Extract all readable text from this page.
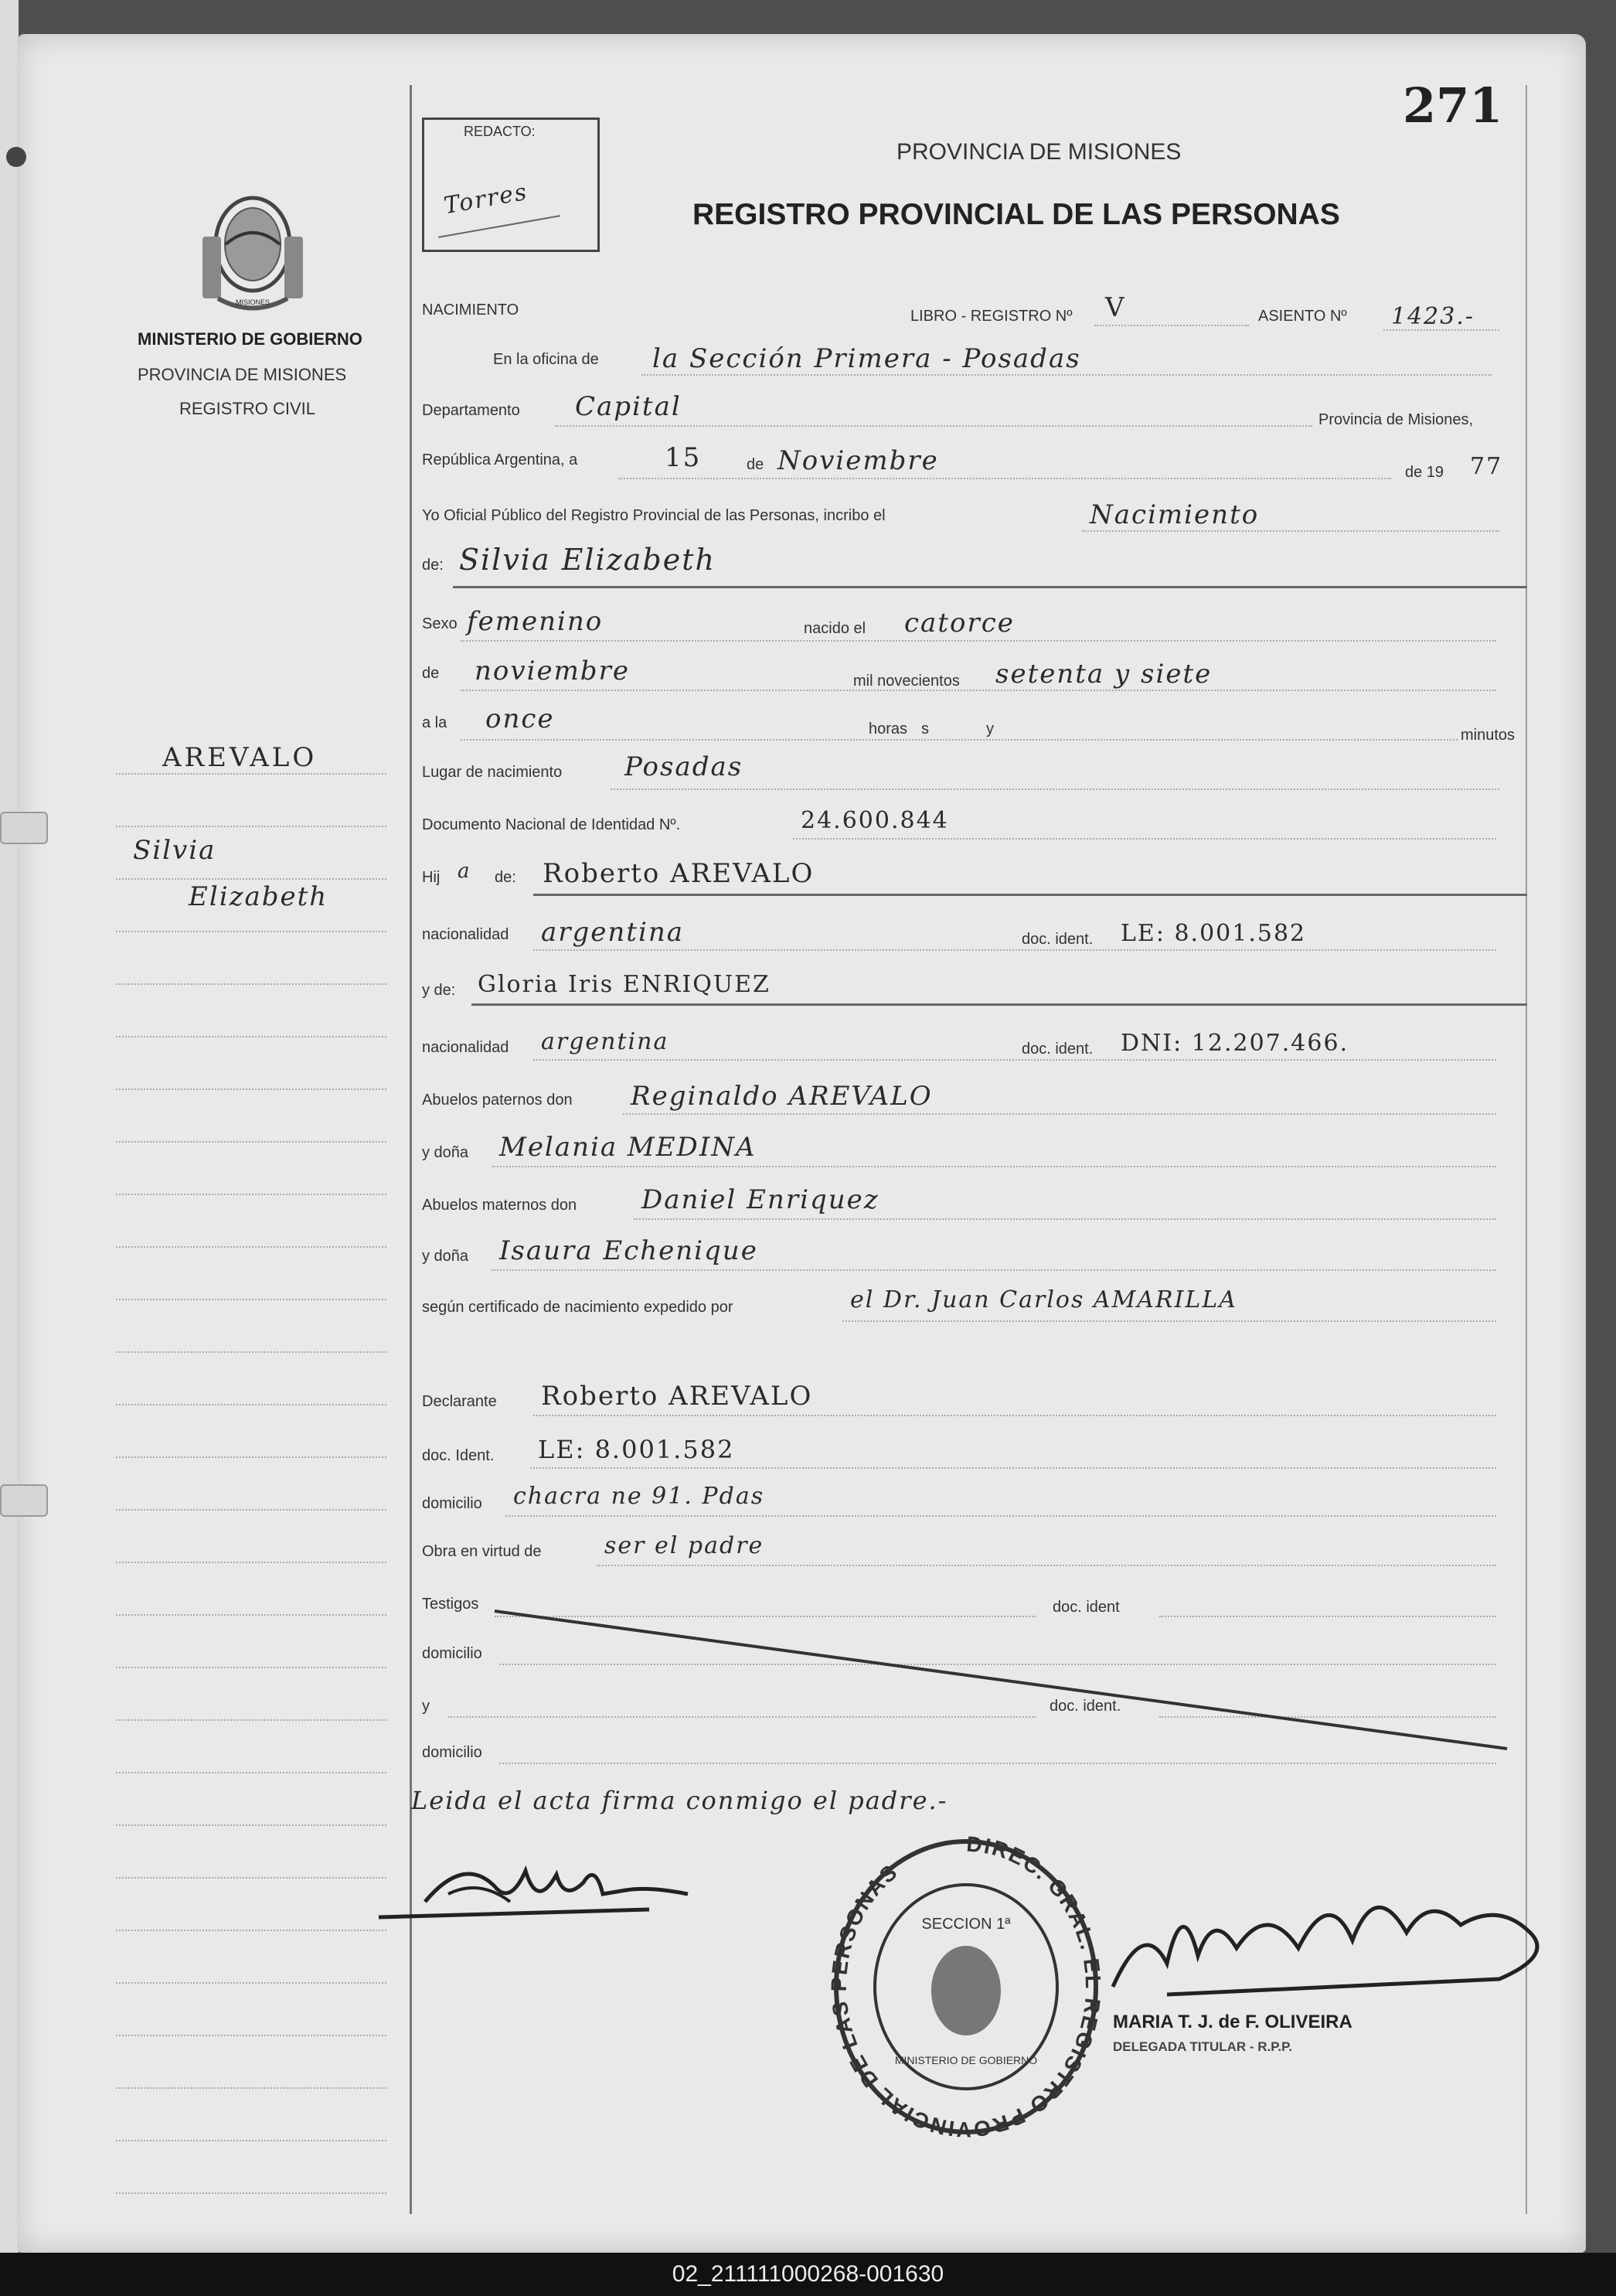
271
REDACTO:
Torres
PROVINCIA DE MISIONES
REGISTRO PROVINCIAL DE LAS PERSONAS
MISIONES
MINISTERIO DE GOBIERNO
PROVINCIA DE MISIONES
REGISTRO CIVIL
AREVALO
Silvia
Elizabeth
NACIMIENTO	LIBRO - REGISTRO Nº V	ASIENTO Nº 1423.-
En la oficina de la Sección Primera - Posadas
Departamento Capital	Provincia de Misiones,
República Argentina, a	15	de Noviembre	de 19 77
Yo Oficial Público del Registro Provincial de las Personas, incribo el	Nacimiento
de: Silvia Elizabeth
Sexo femenino	nacido el catorce
de noviembre	mil novecientos setenta y siete
a la once	horas s	y	minutos
Lugar de nacimiento Posadas
Documento Nacional de Identidad Nº.	24.600.844
Hij a de: Roberto AREVALO
nacionalidad argentina	doc. ident. LE: 8.001.582
y de: Gloria Iris ENRIQUEZ
nacionalidad argentina	doc. ident. DNI: 12.207.466.
Abuelos paternos don Reginaldo AREVALO
y doña Melania MEDINA
Abuelos maternos don Daniel Enriquez
y doña Isaura Echenique
según certificado de nacimiento expedido por	el Dr. Juan Carlos AMARILLA
Declarante Roberto AREVALO
doc. Ident. LE: 8.001.582
domicilio chacra ne 91. Pdas
Obra en virtud de	ser el padre
Testigos	doc. ident
domicilio
y	doc. ident.
domicilio
Leida el acta firma conmigo el padre.-
DIREC. GRAL. EL REGISTRO PROVINCIAL DE LAS PERSONAS
SECCION 1ª
MINISTERIO DE GOBIERNO
MARIA T. J. de F. OLIVEIRA
DELEGADA TITULAR - R.P.P.
02_211111000268-001630
